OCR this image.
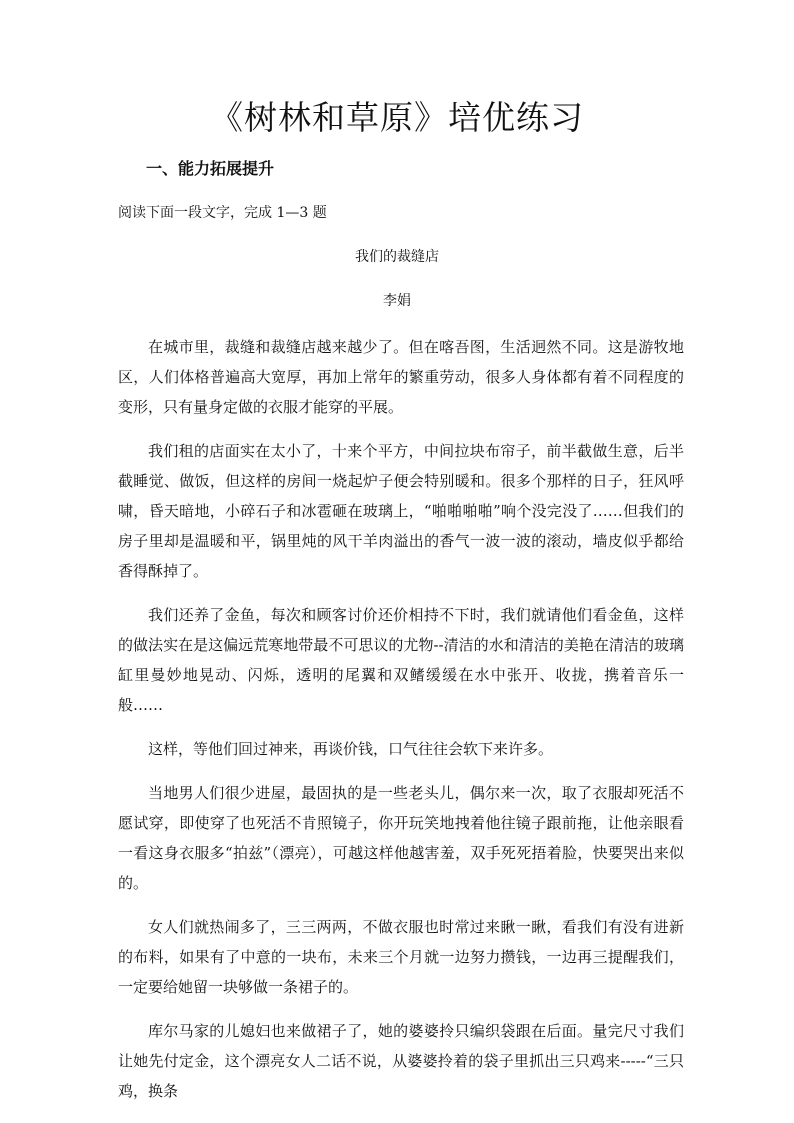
《树林和草原》培优练习
一、能力拓展提升

阅读下面一段文字，完成 1—3 题

我们的裁缝店

李娟

在城市里，裁缝和裁缝店越来越少了。但在喀吾图，生活迥然不同。这是游牧地区，人们体格普遍高大宽厚，再加上常年的繁重劳动，很多人身体都有着不同程度的变形，只有量身定做的衣服才能穿的平展。

我们租的店面实在太小了，十来个平方，中间拉块布帘子，前半截做生意，后半截睡觉、做饭，但这样的房间一烧起炉子便会特别暖和。很多个那样的日子，狂风呼啸，昏天暗地，小碎石子和冰雹砸在玻璃上，“啪啪啪啪”响个没完没了……但我们的房子里却是温暖和平，锅里炖的风干羊肉溢出的香气一波一波的滚动，墙皮似乎都给香得酥掉了。

我们还养了金鱼，每次和顾客讨价还价相持不下时，我们就请他们看金鱼，这样的做法实在是这偏远荒寒地带最不可思议的尤物--清洁的水和清洁的美艳在清洁的玻璃缸里曼妙地晃动、闪烁，透明的尾翼和双鳍缓缓在水中张开、收拢，携着音乐一般……

这样，等他们回过神来，再谈价钱，口气往往会软下来许多。

当地男人们很少进屋，最固执的是一些老头儿，偶尔来一次，取了衣服却死活不愿试穿，即使穿了也死活不肯照镜子，你开玩笑地拽着他往镜子跟前拖，让他亲眼看一看这身衣服多“拍兹”（漂亮），可越这样他越害羞，双手死死捂着脸，快要哭出来似的。

女人们就热闹多了，三三两两，不做衣服也时常过来瞅一瞅，看我们有没有进新的布料，如果有了中意的一块布，未来三个月就一边努力攒钱，一边再三提醒我们，一定要给她留一块够做一条裙子的。

库尔马家的儿媳妇也来做裙子了，她的婆婆拎只编织袋跟在后面。量完尺寸我们让她先付定金，这个漂亮女人二话不说，从婆婆拎着的袋子里抓出三只鸡来-----“三只鸡，换条
